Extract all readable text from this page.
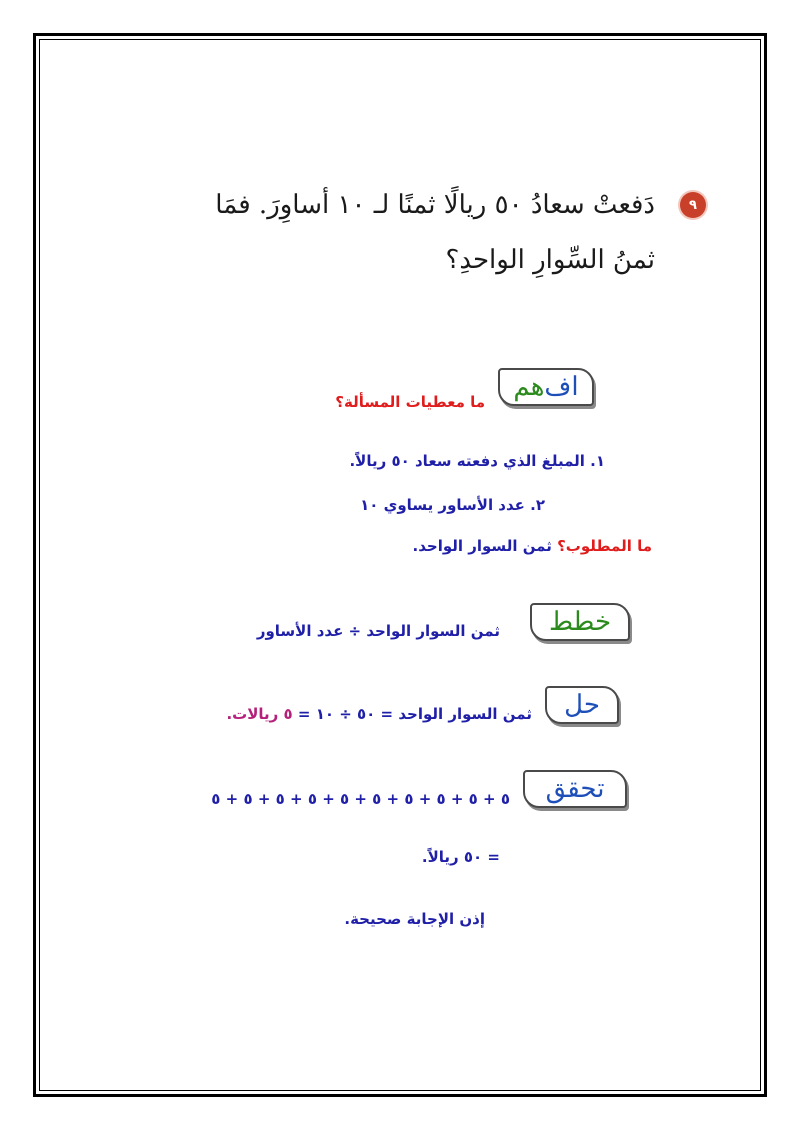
٩
دَفعتْ سعادُ ٥٠ ريالًا ثمنًا لـ ١٠ أساوِرَ. فمَا
ثمنُ السِّوارِ الواحدِ؟
اف
هم
ما معطيات المسألة؟
١. المبلغ الذي دفعته سعاد ٥٠ ريالاً.
٢. عدد الأساور يساوي ١٠
ما المطلوب؟ ثمن السوار الواحد.
خطط
ثمن السوار الواحد ÷ عدد الأساور
حل
ثمن السوار الواحد = ٥٠ ÷ ١٠ = ٥ ريالات.
تحقق
٥ + ٥ + ٥ + ٥ + ٥ + ٥ + ٥ + ٥ + ٥ + ٥
= ٥٠ ريالاً.
إذن الإجابة صحيحة.
